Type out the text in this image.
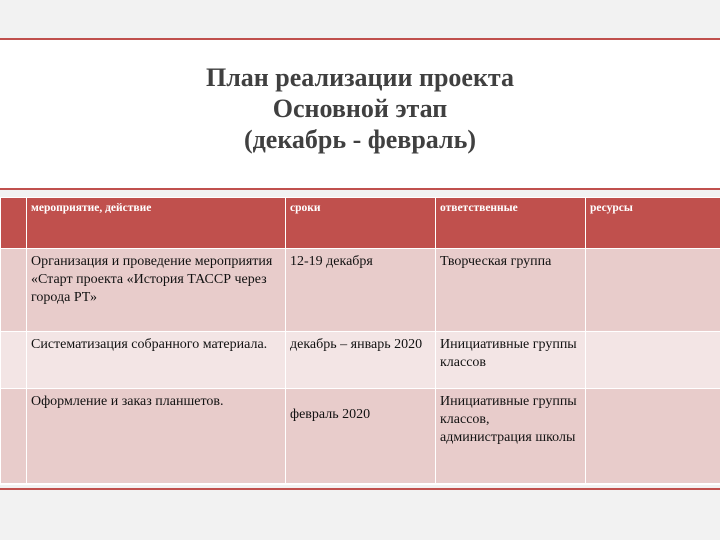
План реализации проекта
Основной этап
(декабрь - февраль)
	мероприятие, действие	сроки	ответственные	ресурсы
	Организация и проведение мероприятия «Старт проекта «История ТАССР через города РТ»	12-19 декабря	Творческая группа	
	Систематизация собранного материала.	декабрь – январь 2020	Инициативные группы классов	
	Оформление и заказ планшетов.	февраль 2020	Инициативные группы классов, администрация школы	
